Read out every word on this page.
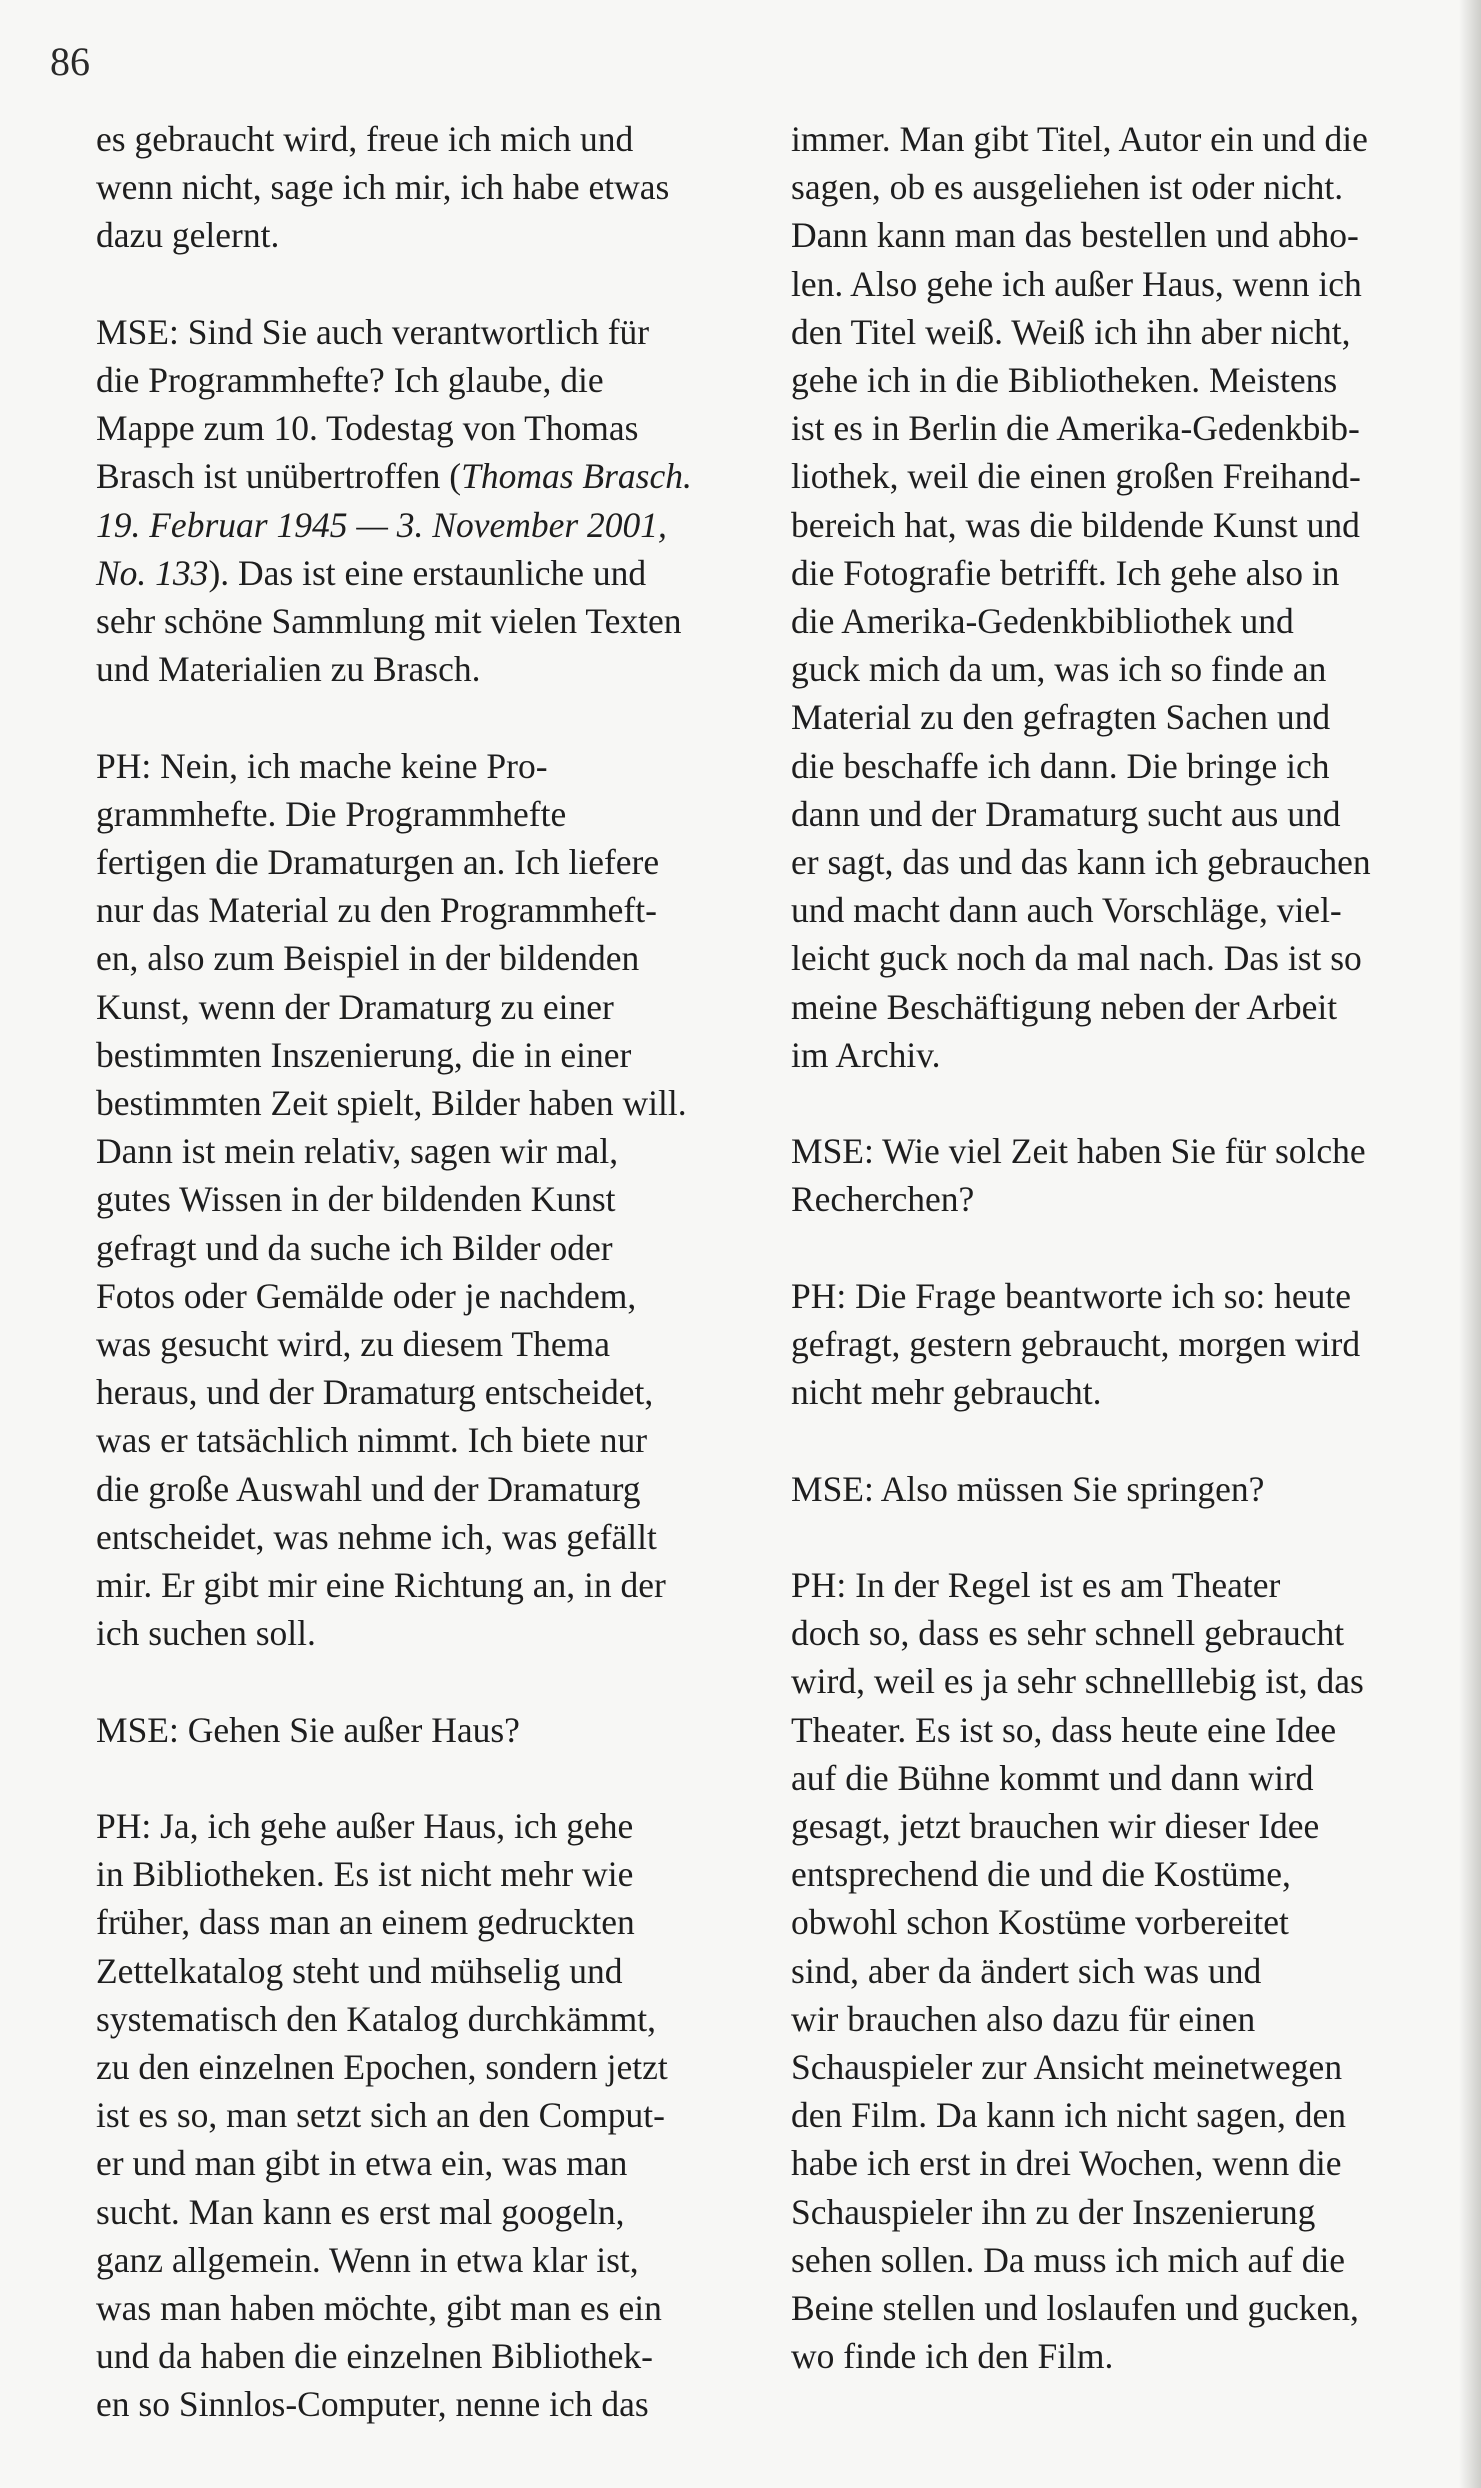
86
es gebraucht wird, freue ich mich und
wenn nicht, sage ich mir, ich habe etwas
dazu gelernt.
MSE: Sind Sie auch verantwortlich für
die Programmhefte? Ich glaube, die
Mappe zum 10. Todestag von Thomas
Brasch ist unübertroffen (Thomas Brasch.
19. Februar 1945 — 3. November 2001,
No. 133). Das ist eine erstaunliche und
sehr schöne Sammlung mit vielen Texten
und Materialien zu Brasch.
PH: Nein, ich mache keine Pro-
grammhefte. Die Programmhefte
fertigen die Dramaturgen an. Ich liefere
nur das Material zu den Programmheft-
en, also zum Beispiel in der bildenden
Kunst, wenn der Dramaturg zu einer
bestimmten Inszenierung, die in einer
bestimmten Zeit spielt, Bilder haben will.
Dann ist mein relativ, sagen wir mal,
gutes Wissen in der bildenden Kunst
gefragt und da suche ich Bilder oder
Fotos oder Gemälde oder je nachdem,
was gesucht wird, zu diesem Thema
heraus, und der Dramaturg entscheidet,
was er tatsächlich nimmt. Ich biete nur
die große Auswahl und der Dramaturg
entscheidet, was nehme ich, was gefällt
mir. Er gibt mir eine Richtung an, in der
ich suchen soll.
MSE: Gehen Sie außer Haus?
PH: Ja, ich gehe außer Haus, ich gehe
in Bibliotheken. Es ist nicht mehr wie
früher, dass man an einem gedruckten
Zettelkatalog steht und mühselig und
systematisch den Katalog durchkämmt,
zu den einzelnen Epochen, sondern jetzt
ist es so, man setzt sich an den Comput-
er und man gibt in etwa ein, was man
sucht. Man kann es erst mal googeln,
ganz allgemein. Wenn in etwa klar ist,
was man haben möchte, gibt man es ein
und da haben die einzelnen Bibliothek-
en so Sinnlos-Computer, nenne ich das
immer. Man gibt Titel, Autor ein und die
sagen, ob es ausgeliehen ist oder nicht.
Dann kann man das bestellen und abho-
len. Also gehe ich außer Haus, wenn ich
den Titel weiß. Weiß ich ihn aber nicht,
gehe ich in die Bibliotheken. Meistens
ist es in Berlin die Amerika-Gedenkbib-
liothek, weil die einen großen Freihand-
bereich hat, was die bildende Kunst und
die Fotografie betrifft. Ich gehe also in
die Amerika-Gedenkbibliothek und
guck mich da um, was ich so finde an
Material zu den gefragten Sachen und
die beschaffe ich dann. Die bringe ich
dann und der Dramaturg sucht aus und
er sagt, das und das kann ich gebrauchen
und macht dann auch Vorschläge, viel-
leicht guck noch da mal nach. Das ist so
meine Beschäftigung neben der Arbeit
im Archiv.
MSE: Wie viel Zeit haben Sie für solche
Recherchen?
PH: Die Frage beantworte ich so: heute
gefragt, gestern gebraucht, morgen wird
nicht mehr gebraucht.
MSE: Also müssen Sie springen?
PH: In der Regel ist es am Theater
doch so, dass es sehr schnell gebraucht
wird, weil es ja sehr schnelllebig ist, das
Theater. Es ist so, dass heute eine Idee
auf die Bühne kommt und dann wird
gesagt, jetzt brauchen wir dieser Idee
entsprechend die und die Kostüme,
obwohl schon Kostüme vorbereitet
sind, aber da ändert sich was und
wir brauchen also dazu für einen
Schauspieler zur Ansicht meinetwegen
den Film. Da kann ich nicht sagen, den
habe ich erst in drei Wochen, wenn die
Schauspieler ihn zu der Inszenierung
sehen sollen. Da muss ich mich auf die
Beine stellen und loslaufen und gucken,
wo finde ich den Film.
